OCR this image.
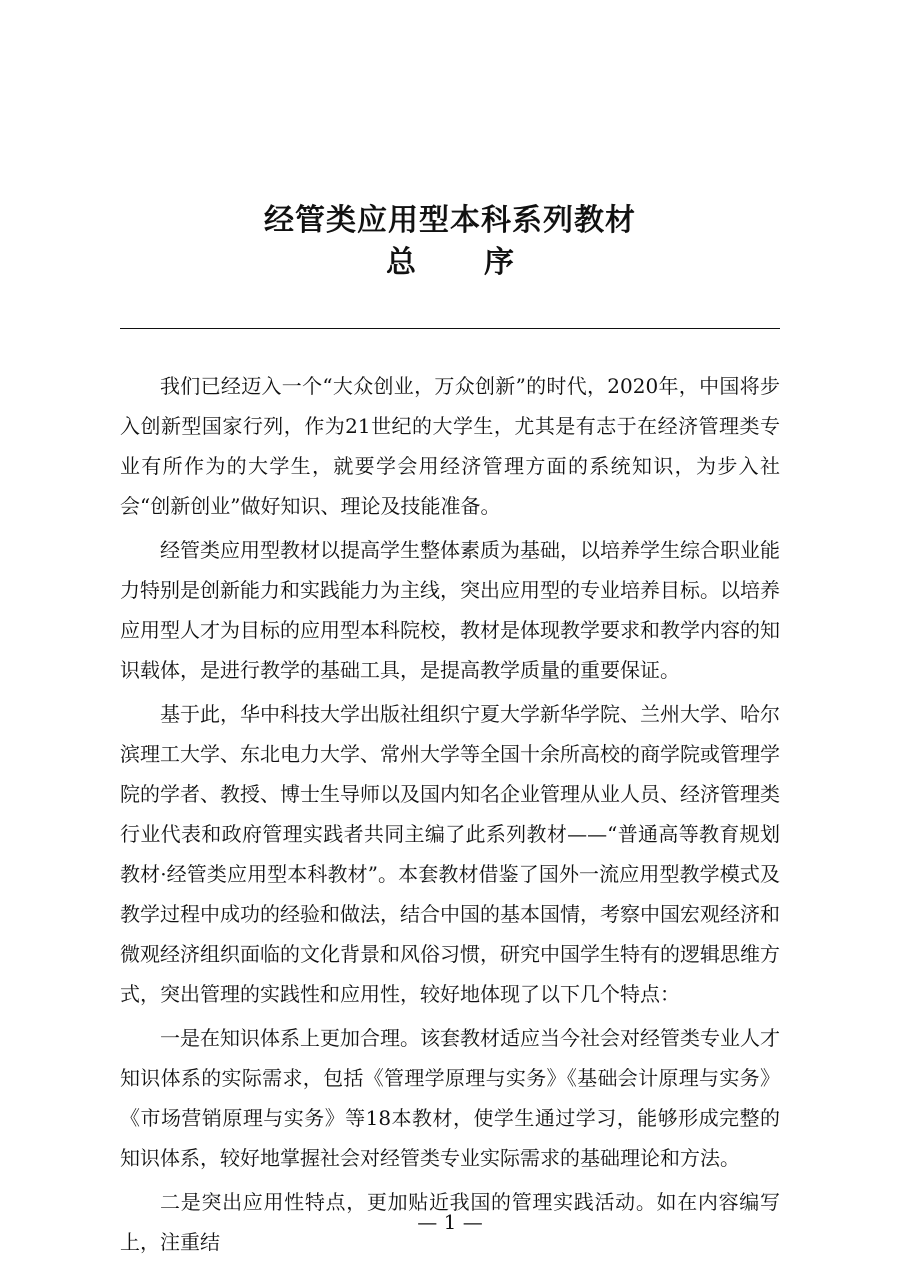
经管类应用型本科系列教材
总序

我们已经迈入一个“大众创业，万众创新”的时代，2020年，中国将步入创新型国家行列，作为21世纪的大学生，尤其是有志于在经济管理类专业有所作为的大学生，就要学会用经济管理方面的系统知识，为步入社会“创新创业”做好知识、理论及技能准备。

经管类应用型教材以提高学生整体素质为基础，以培养学生综合职业能力特别是创新能力和实践能力为主线，突出应用型的专业培养目标。以培养应用型人才为目标的应用型本科院校，教材是体现教学要求和教学内容的知识载体，是进行教学的基础工具，是提高教学质量的重要保证。

基于此，华中科技大学出版社组织宁夏大学新华学院、兰州大学、哈尔滨理工大学、东北电力大学、常州大学等全国十余所高校的商学院或管理学院的学者、教授、博士生导师以及国内知名企业管理从业人员、经济管理类行业代表和政府管理实践者共同主编了此系列教材——“普通高等教育规划教材·经管类应用型本科教材”。本套教材借鉴了国外一流应用型教学模式及教学过程中成功的经验和做法，结合中国的基本国情，考察中国宏观经济和微观经济组织面临的文化背景和风俗习惯，研究中国学生特有的逻辑思维方式，突出管理的实践性和应用性，较好地体现了以下几个特点：

一是在知识体系上更加合理。该套教材适应当今社会对经管类专业人才知识体系的实际需求，包括《管理学原理与实务》《基础会计原理与实务》《市场营销原理与实务》等18本教材，使学生通过学习，能够形成完整的知识体系，较好地掌握社会对经管类专业实际需求的基础理论和方法。

二是突出应用性特点，更加贴近我国的管理实践活动。如在内容编写上，注重结

— 1 —
